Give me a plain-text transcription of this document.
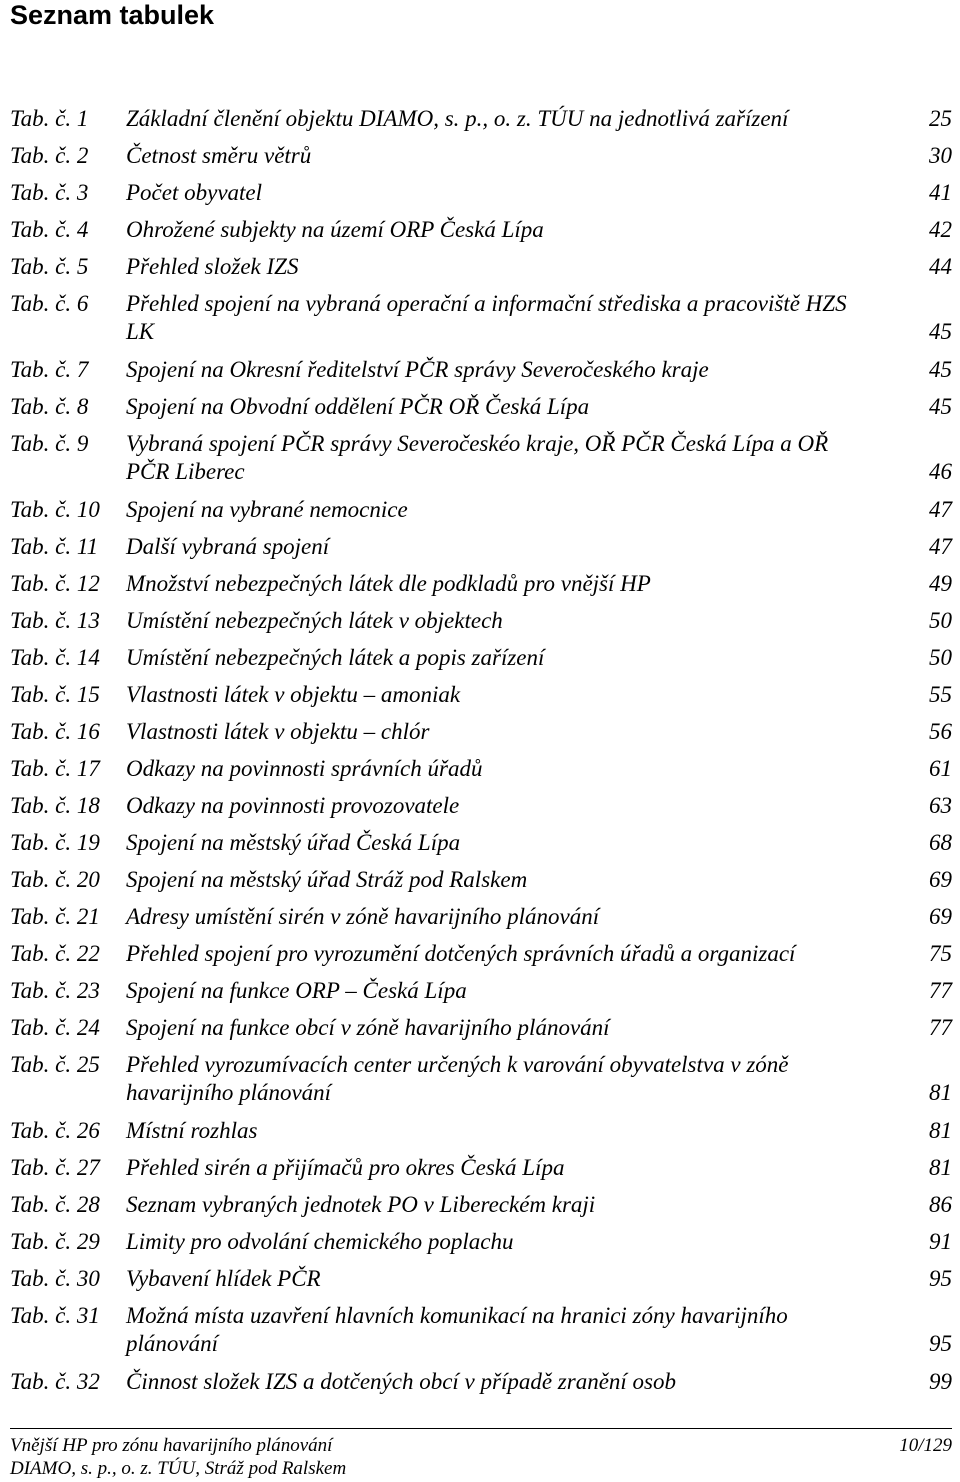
Seznam tabulek
Tab. č. 1 Základní členění objektu DIAMO, s. p., o. z. TÚU na jednotlivá zařízení	25
Tab. č. 2 Četnost směru větrů	30
Tab. č. 3 Počet obyvatel	41
Tab. č. 4 Ohrožené subjekty na území ORP Česká Lípa	42
Tab. č. 5 Přehled složek IZS	44
Tab. č. 6 Přehled spojení na vybraná operační a informační střediska a pracoviště HZS LK	45
Tab. č. 7 Spojení na Okresní ředitelství PČR správy Severočeského kraje	45
Tab. č. 8 Spojení na Obvodní oddělení PČR OŘ Česká Lípa	45
Tab. č. 9 Vybraná spojení PČR správy Severočeskéo kraje, OŘ PČR Česká Lípa a OŘ PČR Liberec	46
Tab. č. 10 Spojení na vybrané nemocnice	47
Tab. č. 11 Další vybraná spojení	47
Tab. č. 12 Množství nebezpečných látek dle podkladů pro vnější HP	49
Tab. č. 13 Umístění nebezpečných látek v objektech	50
Tab. č. 14 Umístění nebezpečných látek a popis zařízení	50
Tab. č. 15 Vlastnosti látek v objektu – amoniak	55
Tab. č. 16 Vlastnosti látek v objektu – chlór	56
Tab. č. 17 Odkazy na povinnosti správních úřadů	61
Tab. č. 18 Odkazy na povinnosti provozovatele	63
Tab. č. 19 Spojení na městský úřad Česká Lípa	68
Tab. č. 20 Spojení na městský úřad Stráž pod Ralskem	69
Tab. č. 21 Adresy umístění sirén v zóně havarijního plánování	69
Tab. č. 22 Přehled spojení pro vyrozumění dotčených správních úřadů a organizací	75
Tab. č. 23 Spojení na funkce ORP – Česká Lípa	77
Tab. č. 24 Spojení na funkce obcí v zóně havarijního plánování	77
Tab. č. 25 Přehled vyrozumívacích center určených k varování obyvatelstva v zóně havarijního plánování	81
Tab. č. 26 Místní rozhlas	81
Tab. č. 27 Přehled sirén a přijímačů pro okres Česká Lípa	81
Tab. č. 28 Seznam vybraných jednotek PO v Libereckém kraji	86
Tab. č. 29 Limity pro odvolání chemického poplachu	91
Tab. č. 30 Vybavení hlídek PČR	95
Tab. č. 31 Možná místa uzavření hlavních komunikací na hranici zóny havarijního plánování	95
Tab. č. 32 Činnost složek IZS a dotčených obcí v případě zranění osob	99
Vnější HP pro zónu havarijního plánování
DIAMO, s. p., o. z. TÚU, Stráž pod Ralskem
10/129
